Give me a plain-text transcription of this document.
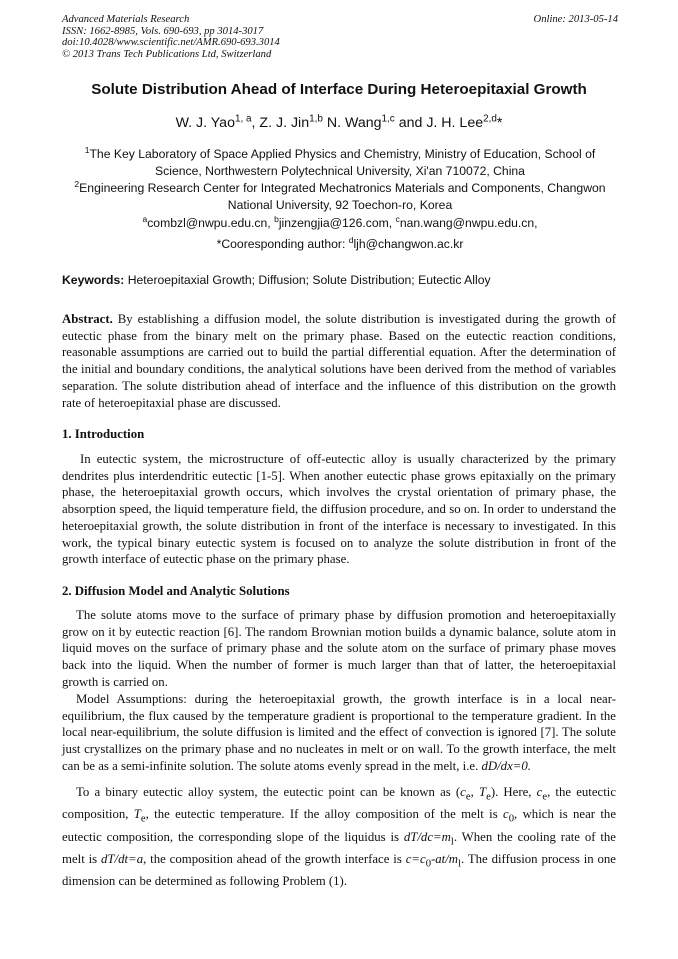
Advanced Materials Research
ISSN: 1662-8985, Vols. 690-693, pp 3014-3017
doi:10.4028/www.scientific.net/AMR.690-693.3014
© 2013 Trans Tech Publications Ltd, Switzerland
Online: 2013-05-14
Solute Distribution Ahead of Interface During Heteroepitaxial Growth
W. J. Yao$^{1, a}$, Z. J. Jin$^{1,b}$ N. Wang$^{1,c}$ and J. H. Lee$^{2,d}$*
$^1$The Key Laboratory of Space Applied Physics and Chemistry, Ministry of Education, School of
Science, Northwestern Polytechnical University, Xi'an 710072, China
$^2$Engineering Research Center for Integrated Mechatronics Materials and Components, Changwon
National University, 92 Toechon-ro, Korea
$^a$combzl@nwpu.edu.cn, $^b$jinzengjia@126.com, $^c$nan.wang@nwpu.edu.cn,
*Cooresponding author: $^d$ljh@changwon.ac.kr
Keywords: Heteroepitaxial Growth; Diffusion; Solute Distribution; Eutectic Alloy

Abstract. By establishing a diffusion model, the solute distribution is investigated during the growth of eutectic phase from the binary melt on the primary phase. Based on the eutectic reaction conditions, reasonable assumptions are carried out to build the partial differential equation. After the determination of the initial and boundary conditions, the analytical solutions have been derived from the method of variables separation. The solute distribution ahead of interface and the influence of this distribution on the growth rate of heteroepitaxial phase are discussed.

1. Introduction

In eutectic system, the microstructure of off-eutectic alloy is usually characterized by the primary dendrites plus interdendritic eutectic [1-5]. When another eutectic phase grows epitaxially on the primary phase, the heteroepitaxial growth occurs, which involves the crystal orientation of primary phase, the absorption speed, the liquid temperature field, the diffusion procedure, and so on. In order to understand the heteroepitaxial growth, the solute distribution in front of the interface is necessary to investigated. In this work, the typical binary eutectic system is focused on to analyze the solute distribution in front of the growth interface of eutectic phase on the primary phase.

2. Diffusion Model and Analytic Solutions

The solute atoms move to the surface of primary phase by diffusion promotion and heteroepitaxially grow on it by eutectic reaction [6]. The random Brownian motion builds a dynamic balance, solute atom in liquid moves on the surface of primary phase and the solute atom on the surface of primary phase moves back into the liquid. When the number of former is much larger than that of latter, the heteroepitaxial growth is carried on.

Model Assumptions: during the heteroepitaxial growth, the growth interface is in a local near-equilibrium, the flux caused by the temperature gradient is proportional to the temperature gradient. In the local near-equilibrium, the solute diffusion is limited and the effect of convection is ignored [7]. The solute just crystallizes on the primary phase and no nucleates in melt or on wall. To the growth interface, the melt can be as a semi-infinite solution. The solute atoms evenly spread in the melt, i.e. dD/dx=0.

To a binary eutectic alloy system, the eutectic point can be known as ($c_e$, $T_e$). Here, $c_e$, the eutectic composition, $T_e$, the eutectic temperature. If the alloy composition of the melt is $c_0$, which is near the eutectic composition, the corresponding slope of the liquidus is $dT/dc=m_l$. When the cooling rate of the melt is dT/dt=a, the composition ahead of the growth interface is $c=c_0-at/m_l$. The diffusion process in one dimension can be determined as following Problem (1).
